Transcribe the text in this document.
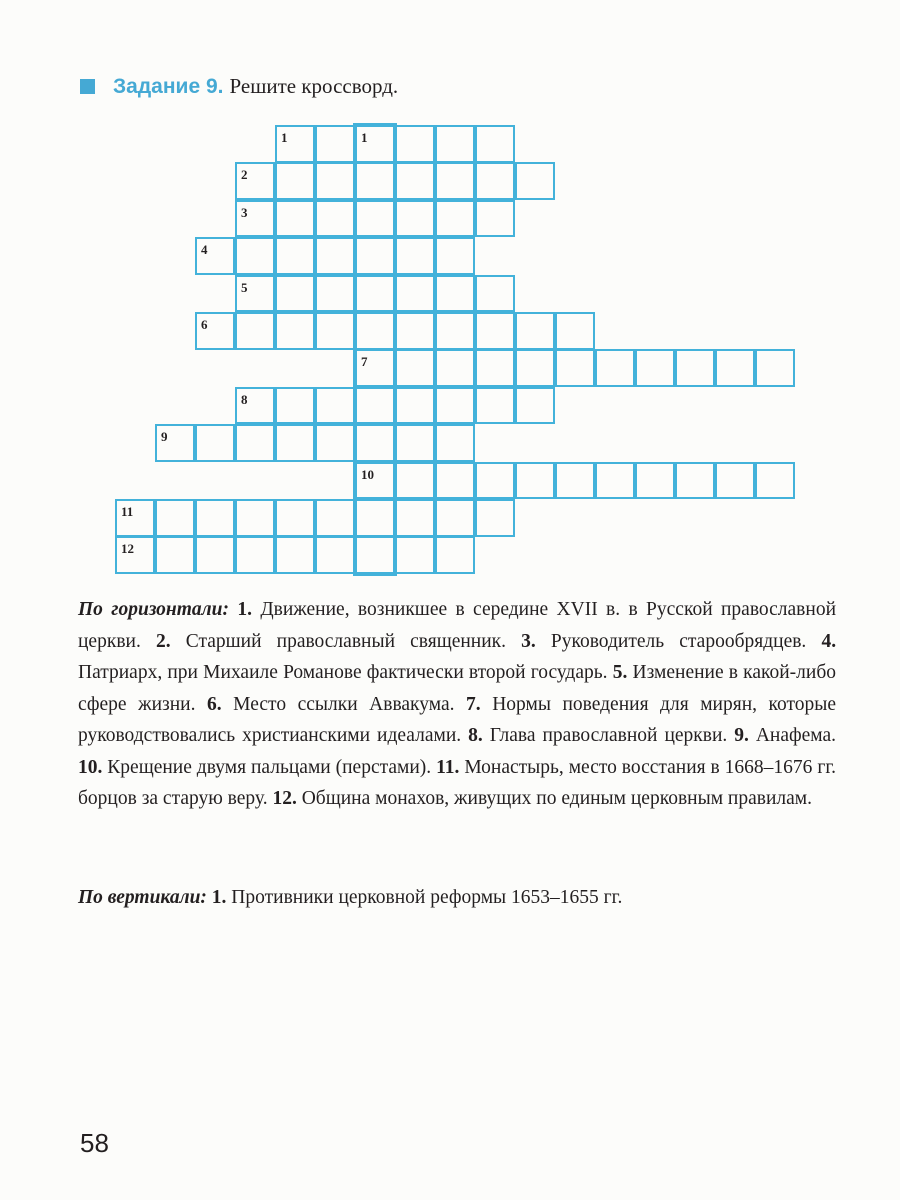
Задание 9. Решите кроссворд.
1	1
2
3
4
5
6
7
8
9
10
11
12
По горизонтали: 1. Движение, возникшее в середине XVII в. в Русской православной церкви. 2. Старший православный священник. 3. Руководитель старообрядцев. 4. Патриарх, при Михаиле Романове фактически второй государь. 5. Изменение в какой-либо сфере жизни. 6. Место ссылки Аввакума. 7. Нормы поведения для мирян, которые руководствовались христианскими идеалами. 8. Глава православной церкви. 9. Анафема. 10. Крещение двумя пальцами (перстами). 11. Монастырь, место восстания в 1668–1676 гг. борцов за старую веру. 12. Община монахов, живущих по единым церковным правилам.
По вертикали: 1. Противники церковной реформы 1653–1655 гг.
58
